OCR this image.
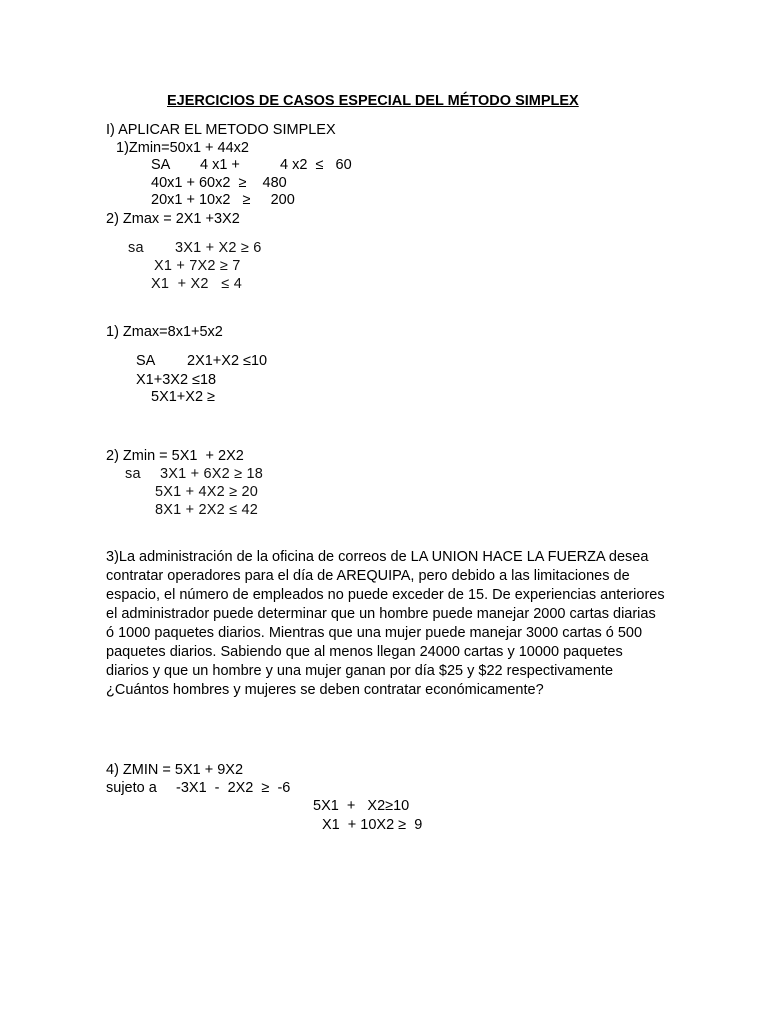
EJERCICIOS DE CASOS ESPECIAL DEL MÉTODO SIMPLEX
I) APLICAR EL METODO SIMPLEX
1)Zmin=50x1 + 44x2
SA 4 x1 +	4 x2  ≤   60
40x1 + 60x2  ≥    480
20x1 + 10x2   ≥     200
2) Zmax = 2X1 +3X2
sa 3X1 + X2 ≥ 6
X1 + 7X2 ≥ 7
X1  + X2   ≤ 4
1) Zmax=8x1+5x2
SA 2X1+X2 ≤10
X1+3X2 ≤18
5X1+X2 ≥
2) Zmin = 5X1  + 2X2
sa 3X1 + 6X2 ≥ 18
5X1 + 4X2 ≥ 20
8X1 + 2X2 ≤ 42
3)La administración de la oficina de correos de LA UNION HACE LA FUERZA desea contratar operadores para el día de AREQUIPA, pero debido a las limitaciones de espacio, el número de empleados no puede exceder de 15. De experiencias anteriores el administrador puede determinar que un hombre puede manejar 2000 cartas diarias ó 1000 paquetes diarios. Mientras que una mujer puede manejar 3000 cartas ó 500 paquetes diarios. Sabiendo que al menos llegan 24000 cartas y 10000 paquetes diarios y que un hombre y una mujer ganan por día $25 y $22 respectivamente ¿Cuántos hombres y mujeres se deben contratar económicamente?
4) ZMIN = 5X1 + 9X2
sujeto a -3X1  -  2X2  ≥  -6
5X1  +   X2≥10
X1  + 10X2 ≥  9
